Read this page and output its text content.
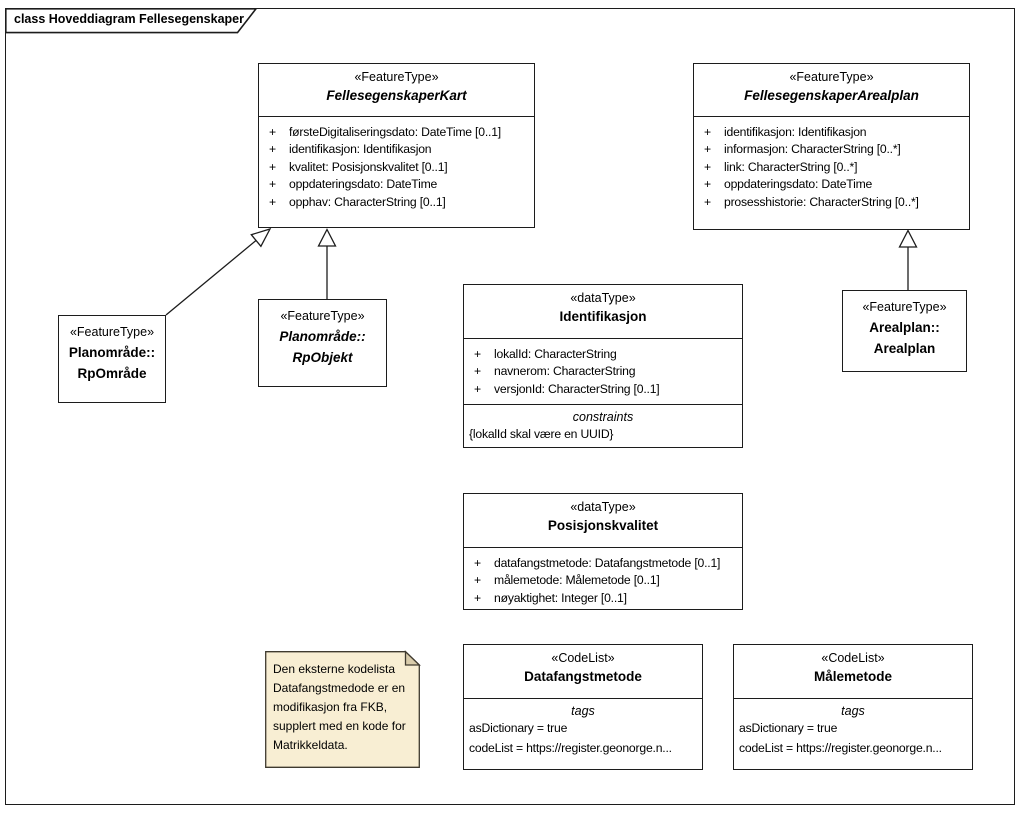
class Hoveddiagram Fellesegenskaper
«FeatureType»
FellesegenskaperKart
+ førsteDigitaliseringsdato: DateTime [0..1]
+ identifikasjon: Identifikasjon
+ kvalitet: Posisjonskvalitet [0..1]
+ oppdateringsdato: DateTime
+ opphav: CharacterString [0..1]
«FeatureType»
FellesegenskaperArealplan
+ identifikasjon: Identifikasjon
+ informasjon: CharacterString [0..*]
+ link: CharacterString [0..*]
+ oppdateringsdato: DateTime
+ prosesshistorie: CharacterString [0..*]
«FeatureType»
Planområde::
RpOmråde
«FeatureType»
Planområde::
RpObjekt
«dataType»
Identifikasjon
+ lokalId: CharacterString
+ navnerom: CharacterString
+ versjonId: CharacterString [0..1]
constraints
{lokalId skal være en UUID}
«FeatureType»
Arealplan::
Arealplan
«dataType»
Posisjonskvalitet
+ datafangstmetode: Datafangstmetode [0..1]
+ målemetode: Målemetode [0..1]
+ nøyaktighet: Integer [0..1]
«CodeList»
Datafangstmetode
tags
asDictionary = true
codeList = https://register.geonorge.n...
«CodeList»
Målemetode
tags
asDictionary = true
codeList = https://register.geonorge.n...
Den eksterne kodelista Datafangstmedode er en modifikasjon fra FKB, supplert med en kode for Matrikkeldata.
